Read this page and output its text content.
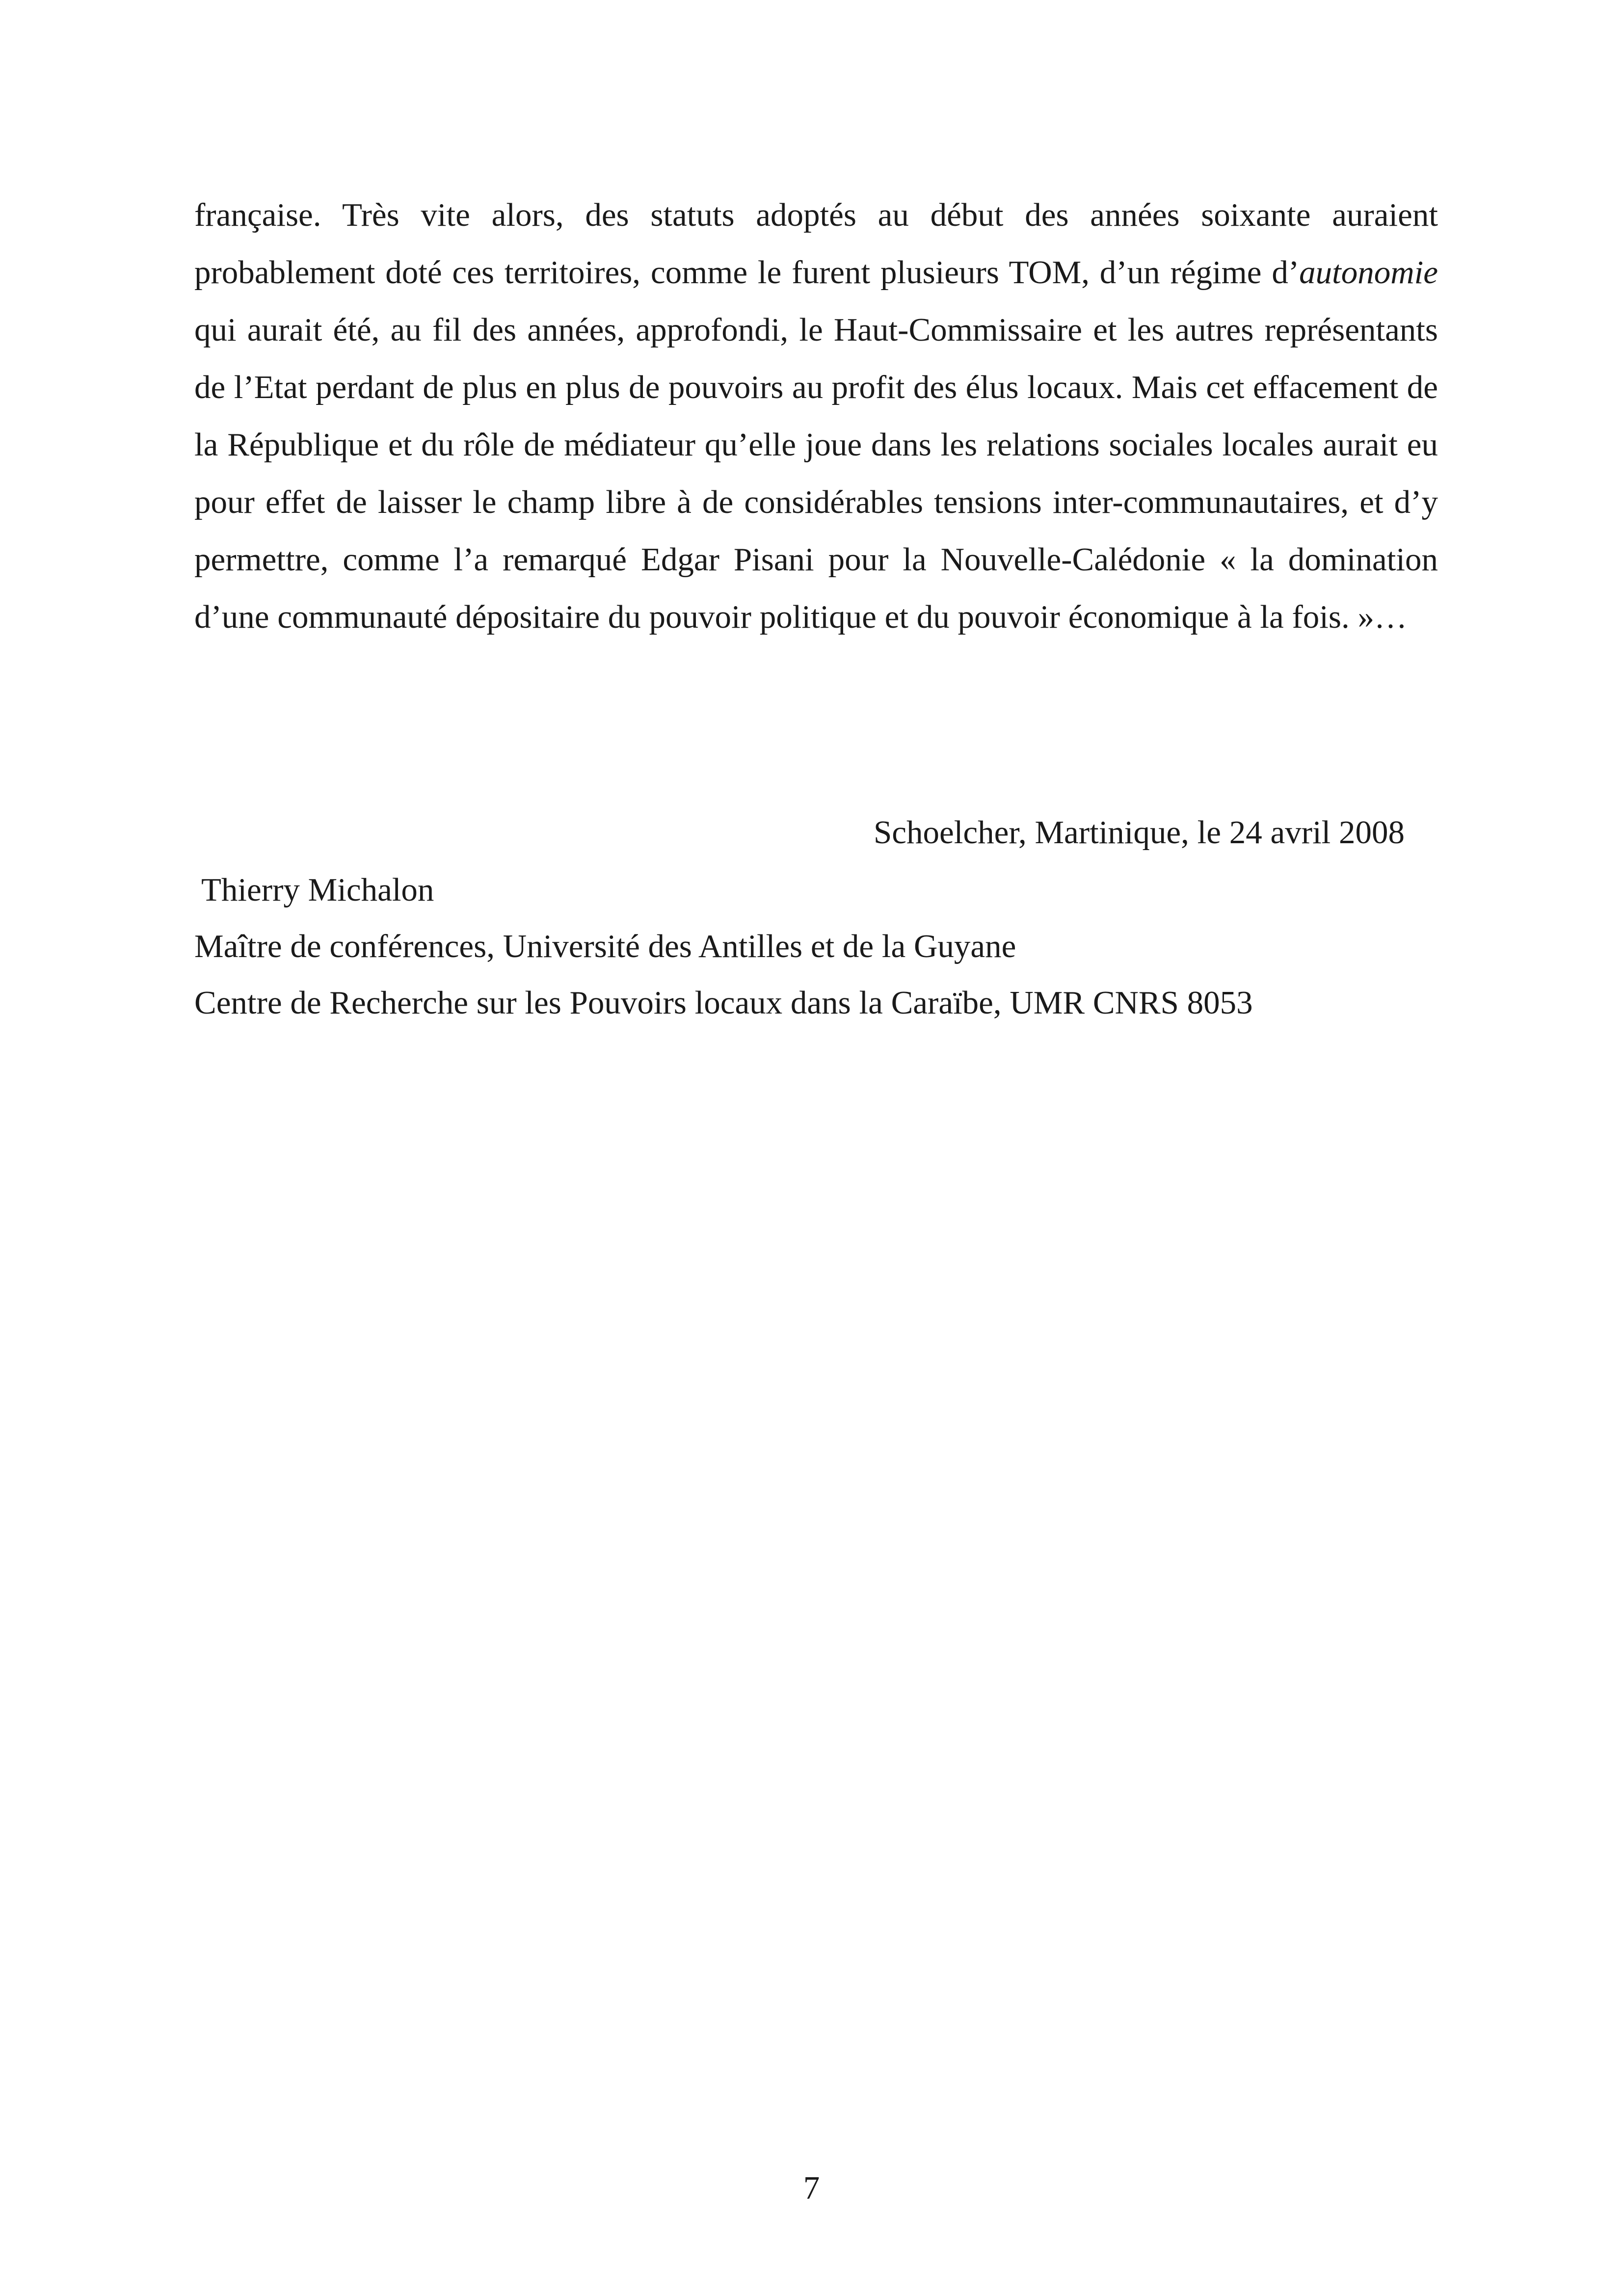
française. Très vite alors, des statuts adoptés au début des années soixante auraient
probablement doté ces territoires, comme le furent plusieurs TOM, d’un régime d’autonomie
qui aurait été, au fil des années, approfondi, le Haut-Commissaire et les autres représentants
de l’Etat perdant de plus en plus de pouvoirs au profit des élus locaux. Mais cet effacement de
la République et du rôle de médiateur qu’elle joue dans les relations sociales locales aurait eu
pour effet de laisser le champ libre à de considérables tensions inter-communautaires, et d’y
permettre, comme l’a remarqué Edgar Pisani pour la Nouvelle-Calédonie « la domination
d’une communauté dépositaire du pouvoir politique et du pouvoir économique à la fois. »…
Schoelcher, Martinique, le 24 avril 2008
Thierry Michalon
Maître de conférences, Université des Antilles et de la Guyane
Centre de Recherche sur les Pouvoirs locaux dans la Caraïbe, UMR CNRS 8053
7
